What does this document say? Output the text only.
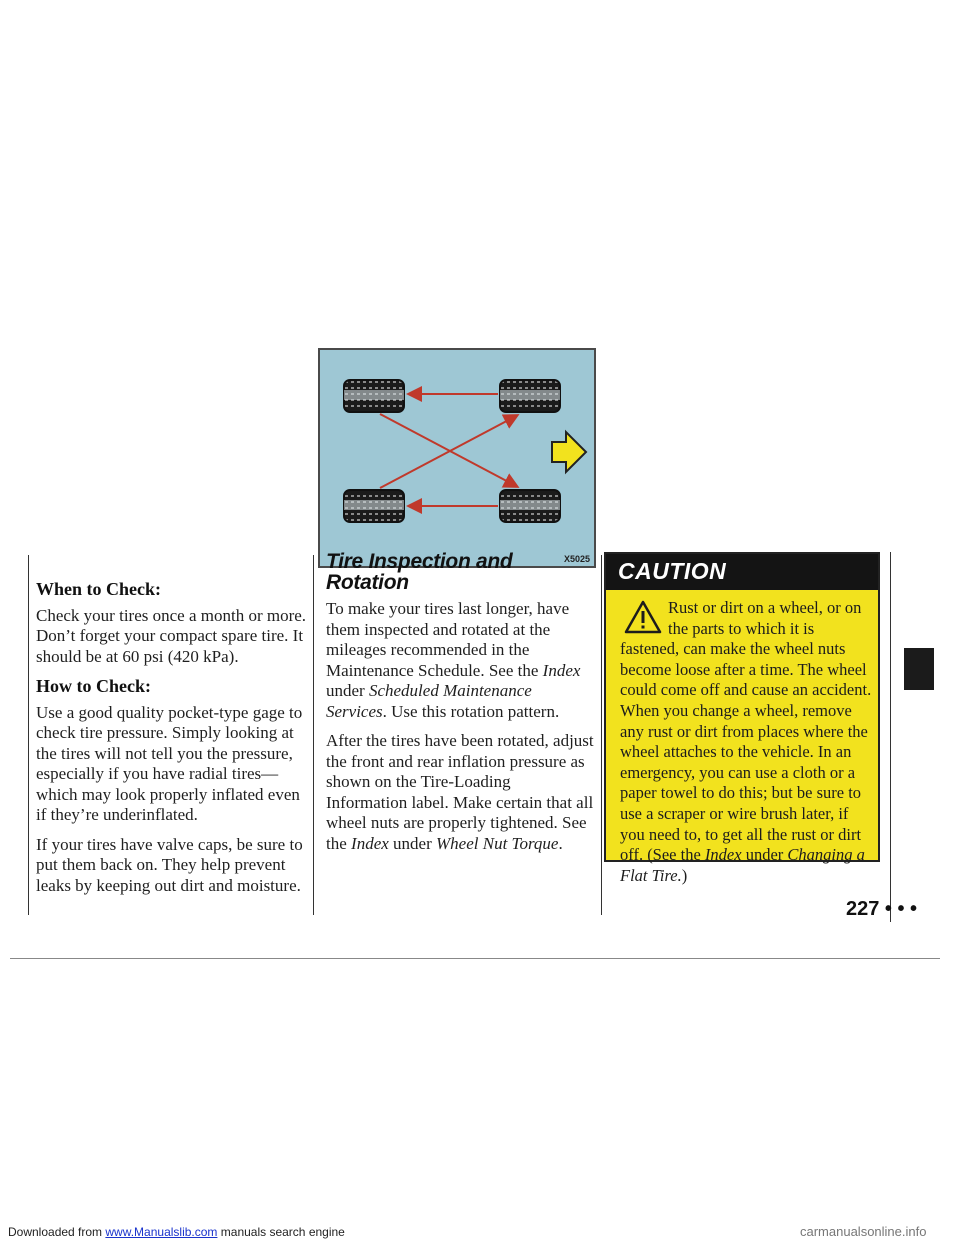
When to Check:

Check your tires once a month or more. Don’t forget your compact spare tire. It should be at 60 psi (420 kPa).

How to Check:

Use a good quality pocket-type gage to check tire pressure. Simply looking at the tires will not tell you the pressure, especially if you have radial tires—which may look properly inflated even if they’re underinflated.

If your tires have valve caps, be sure to put them back on. They help prevent leaks by keeping out dirt and moisture.

X5025
Tire Inspection and Rotation

To make your tires last longer, have them inspected and rotated at the mileages recommended in the Maintenance Schedule. See the Index under Scheduled Maintenance Services. Use this rotation pattern.

After the tires have been rotated, adjust the front and rear inflation pressure as shown on the Tire-Loading Information label. Make certain that all wheel nuts are properly tightened. See the Index under Wheel Nut Torque.

CAUTION
Rust or dirt on a wheel, or on the parts to which it is fastened, can make the wheel nuts become loose after a time. The wheel could come off and cause an accident. When you change a wheel, remove any rust or dirt from places where the wheel attaches to the vehicle. In an emergency, you can use a cloth or a paper towel to do this; but be sure to use a scraper or wire brush later, if you need to, to get all the rust or dirt off. (See the Index under Changing a Flat Tire.)
227 • • •
Downloaded from www.Manualslib.com manuals search engine	carmanualsonline.info
